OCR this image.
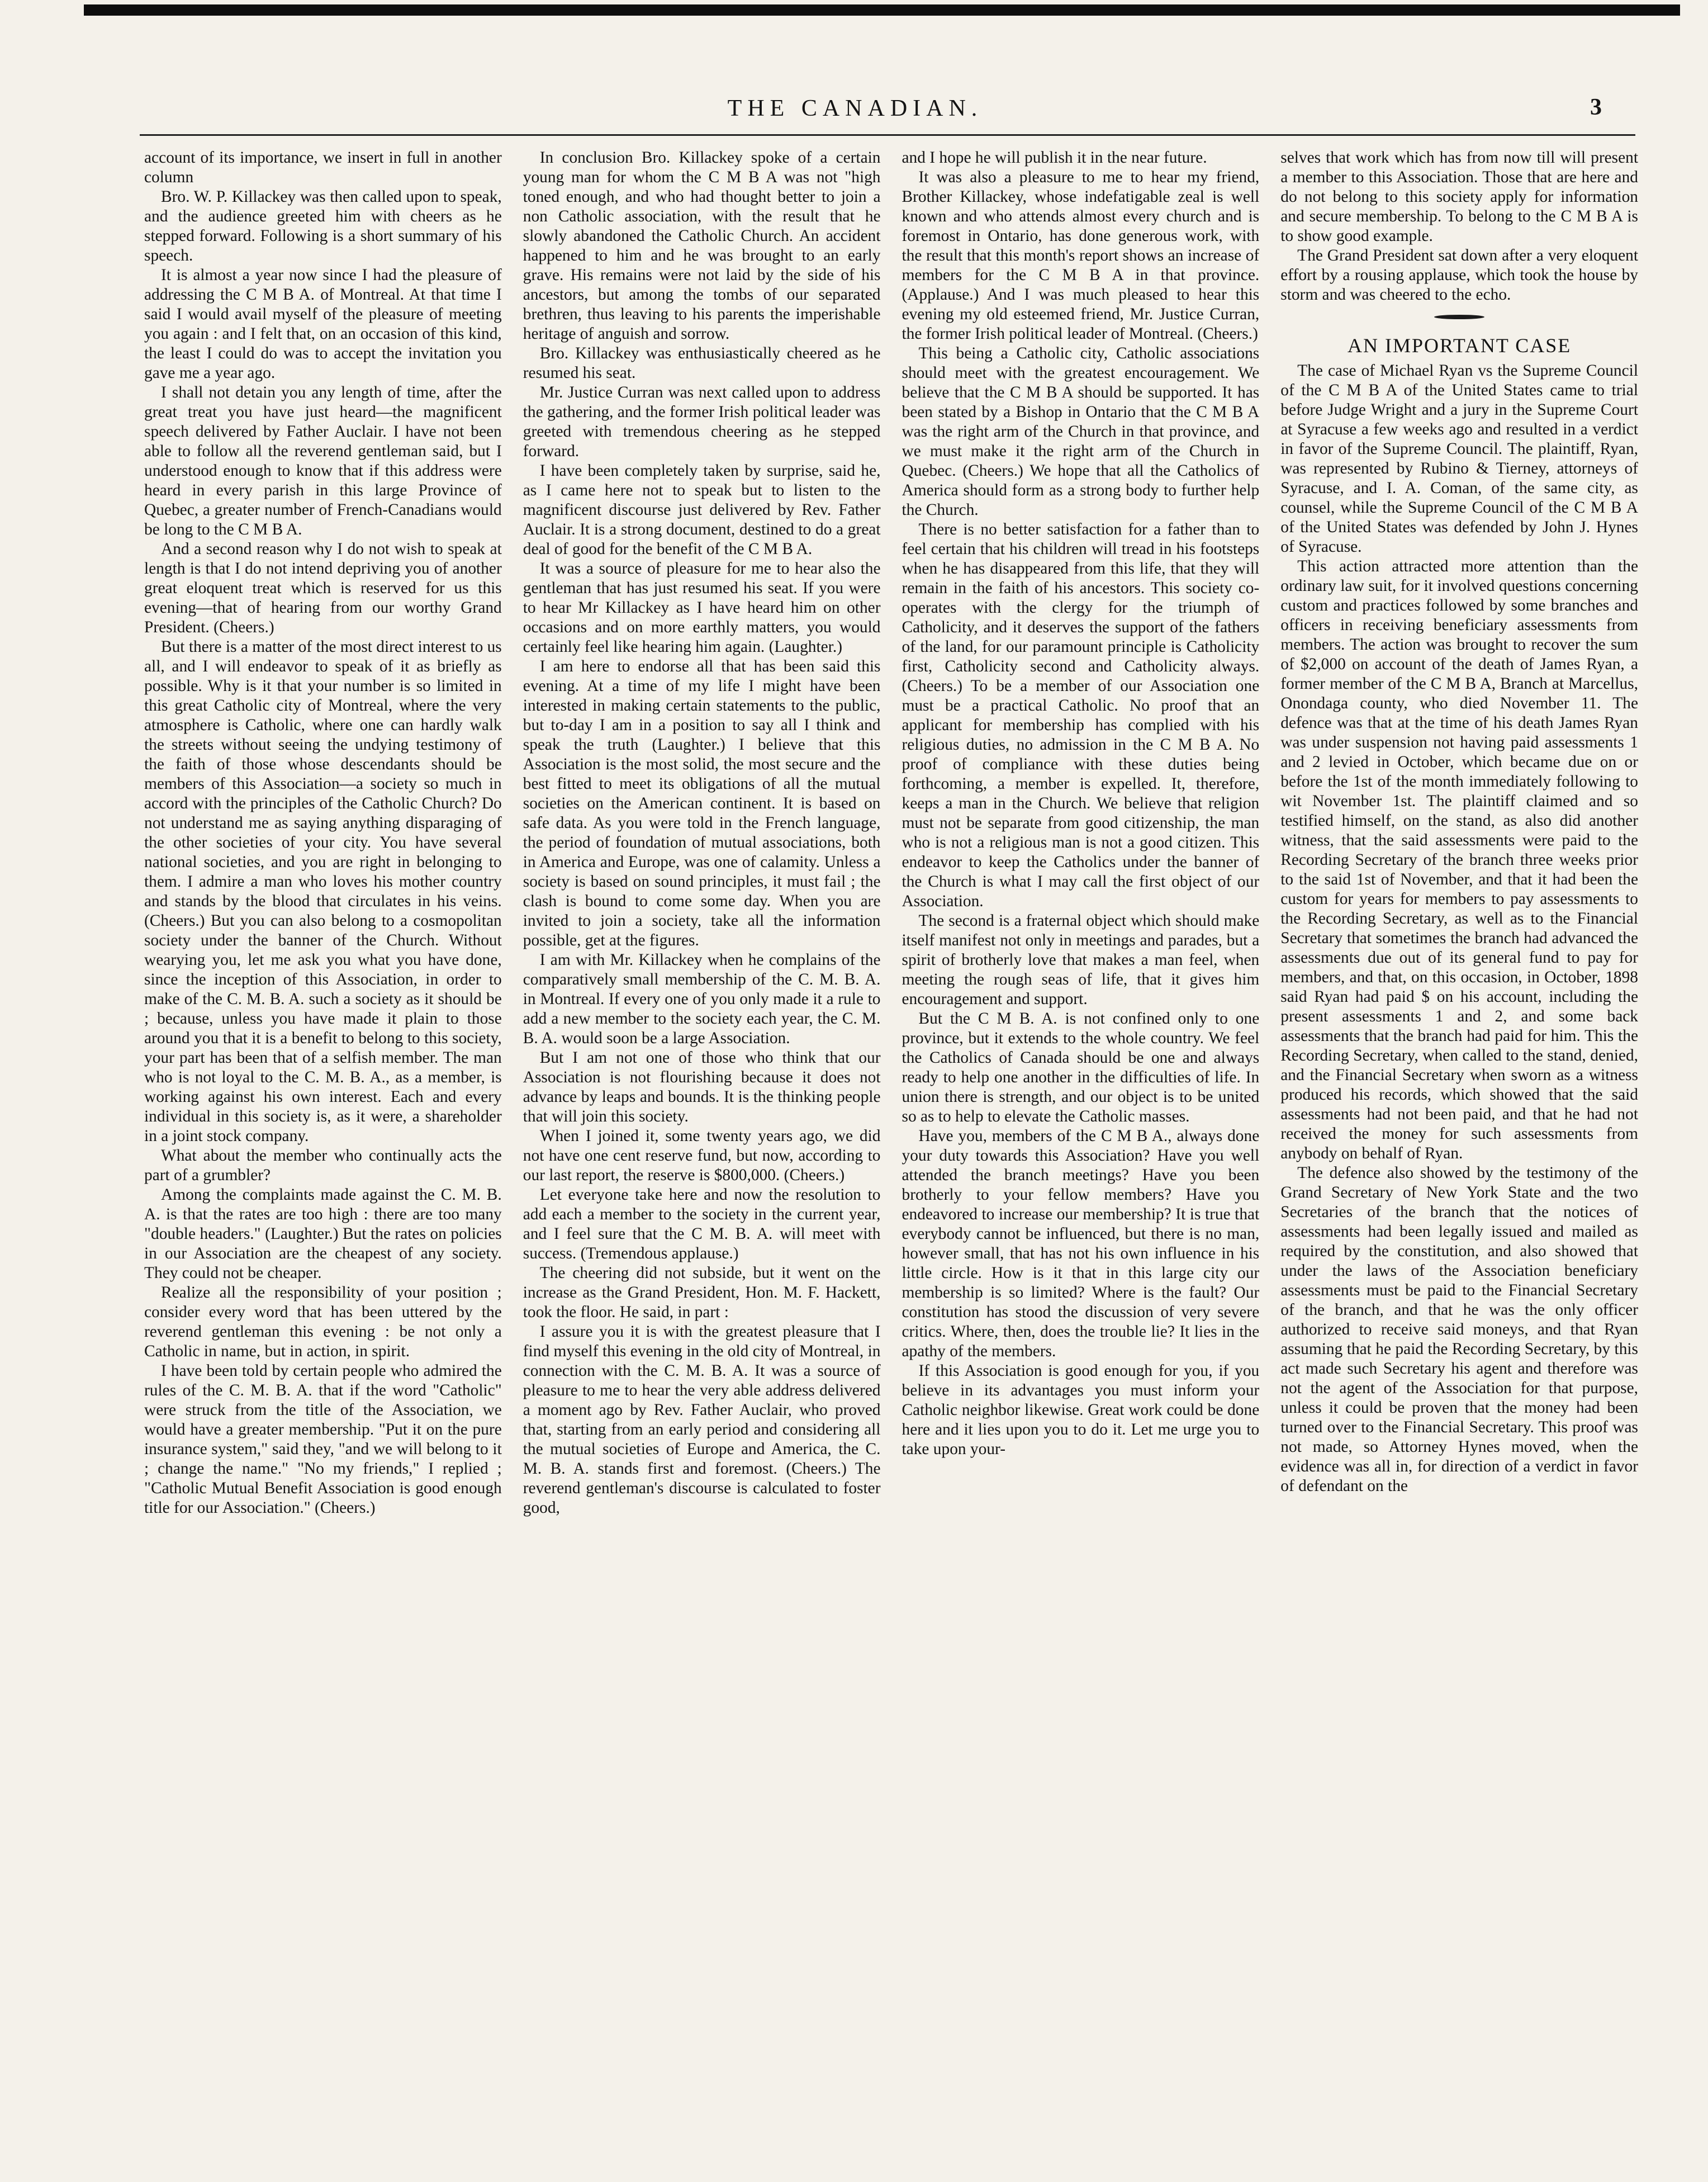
THE CANADIAN.	3

account of its importance, we insert in full in another column

Bro. W. P. Killackey was then called upon to speak, and the audience greeted him with cheers as he stepped forward. Following is a short summary of his speech.

It is almost a year now since I had the pleasure of addressing the C M B A. of Montreal. At that time I said I would avail myself of the pleasure of meeting you again : and I felt that, on an occasion of this kind, the least I could do was to accept the invitation you gave me a year ago.

I shall not detain you any length of time, after the great treat you have just heard—the magnificent speech delivered by Father Auclair. I have not been able to follow all the reverend gentleman said, but I understood enough to know that if this address were heard in every parish in this large Province of Quebec, a greater number of French-Canadians would be long to the C M B A.

And a second reason why I do not wish to speak at length is that I do not intend depriving you of another great eloquent treat which is reserved for us this evening—that of hearing from our worthy Grand President. (Cheers.)

But there is a matter of the most direct interest to us all, and I will endeavor to speak of it as briefly as possible. Why is it that your number is so limited in this great Catholic city of Montreal, where the very atmosphere is Catholic, where one can hardly walk the streets without seeing the undying testimony of the faith of those whose descendants should be members of this Association—a society so much in accord with the principles of the Catholic Church? Do not understand me as saying anything disparaging of the other societies of your city. You have several national societies, and you are right in belonging to them. I admire a man who loves his mother country and stands by the blood that circulates in his veins. (Cheers.) But you can also belong to a cosmopolitan society under the banner of the Church. Without wearying you, let me ask you what you have done, since the inception of this Association, in order to make of the C. M. B. A. such a society as it should be ; because, unless you have made it plain to those around you that it is a benefit to belong to this society, your part has been that of a selfish member. The man who is not loyal to the C. M. B. A., as a member, is working against his own interest. Each and every individual in this society is, as it were, a shareholder in a joint stock company.

What about the member who continually acts the part of a grumbler?

Among the complaints made against the C. M. B. A. is that the rates are too high : there are too many "double headers." (Laughter.) But the rates on policies in our Association are the cheapest of any society. They could not be cheaper.

Realize all the responsibility of your position ; consider every word that has been uttered by the reverend gentleman this evening : be not only a Catholic in name, but in action, in spirit.

I have been told by certain people who admired the rules of the C. M. B. A. that if the word "Catholic" were struck from the title of the Association, we would have a greater membership. "Put it on the pure insurance system," said they, "and we will belong to it ; change the name." "No my friends," I replied ; "Catholic Mutual Benefit Association is good enough title for our Association." (Cheers.)

In conclusion Bro. Killackey spoke of a certain young man for whom the C M B A was not "high toned enough, and who had thought better to join a non Catholic association, with the result that he slowly abandoned the Catholic Church. An accident happened to him and he was brought to an early grave. His remains were not laid by the side of his ancestors, but among the tombs of our separated brethren, thus leaving to his parents the imperishable heritage of anguish and sorrow.

Bro. Killackey was enthusiastically cheered as he resumed his seat.

Mr. Justice Curran was next called upon to address the gathering, and the former Irish political leader was greeted with tremendous cheering as he stepped forward.

I have been completely taken by surprise, said he, as I came here not to speak but to listen to the magnificent discourse just delivered by Rev. Father Auclair. It is a strong document, destined to do a great deal of good for the benefit of the C M B A.

It was a source of pleasure for me to hear also the gentleman that has just resumed his seat. If you were to hear Mr Killackey as I have heard him on other occasions and on more earthly matters, you would certainly feel like hearing him again. (Laughter.)

I am here to endorse all that has been said this evening. At a time of my life I might have been interested in making certain statements to the public, but to-day I am in a position to say all I think and speak the truth (Laughter.) I believe that this Association is the most solid, the most secure and the best fitted to meet its obligations of all the mutual societies on the American continent. It is based on safe data. As you were told in the French language, the period of foundation of mutual associations, both in America and Europe, was one of calamity. Unless a society is based on sound principles, it must fail ; the clash is bound to come some day. When you are invited to join a society, take all the information possible, get at the figures.

I am with Mr. Killackey when he complains of the comparatively small membership of the C. M. B. A. in Montreal. If every one of you only made it a rule to add a new member to the society each year, the C. M. B. A. would soon be a large Association.

But I am not one of those who think that our Association is not flourishing because it does not advance by leaps and bounds. It is the thinking people that will join this society.

When I joined it, some twenty years ago, we did not have one cent reserve fund, but now, according to our last report, the reserve is $800,000. (Cheers.)

Let everyone take here and now the resolution to add each a member to the society in the current year, and I feel sure that the C M. B. A. will meet with success. (Tremendous applause.)

The cheering did not subside, but it went on the increase as the Grand President, Hon. M. F. Hackett, took the floor. He said, in part :

I assure you it is with the greatest pleasure that I find myself this evening in the old city of Montreal, in connection with the C. M. B. A. It was a source of pleasure to me to hear the very able address delivered a moment ago by Rev. Father Auclair, who proved that, starting from an early period and considering all the mutual societies of Europe and America, the C. M. B. A. stands first and foremost. (Cheers.) The reverend gentleman's discourse is calculated to foster good,

and I hope he will publish it in the near future.

It was also a pleasure to me to hear my friend, Brother Killackey, whose indefatigable zeal is well known and who attends almost every church and is foremost in Ontario, has done generous work, with the result that this month's report shows an increase of members for the C M B A in that province. (Applause.) And I was much pleased to hear this evening my old esteemed friend, Mr. Justice Curran, the former Irish political leader of Montreal. (Cheers.)

This being a Catholic city, Catholic associations should meet with the greatest encouragement. We believe that the C M B A should be supported. It has been stated by a Bishop in Ontario that the C M B A was the right arm of the Church in that province, and we must make it the right arm of the Church in Quebec. (Cheers.) We hope that all the Catholics of America should form as a strong body to further help the Church.

There is no better satisfaction for a father than to feel certain that his children will tread in his footsteps when he has disappeared from this life, that they will remain in the faith of his ancestors. This society co-operates with the clergy for the triumph of Catholicity, and it deserves the support of the fathers of the land, for our paramount principle is Catholicity first, Catholicity second and Catholicity always. (Cheers.) To be a member of our Association one must be a practical Catholic. No proof that an applicant for membership has complied with his religious duties, no admission in the C M B A. No proof of compliance with these duties being forthcoming, a member is expelled. It, therefore, keeps a man in the Church. We believe that religion must not be separate from good citizenship, the man who is not a religious man is not a good citizen. This endeavor to keep the Catholics under the banner of the Church is what I may call the first object of our Association.

The second is a fraternal object which should make itself manifest not only in meetings and parades, but a spirit of brotherly love that makes a man feel, when meeting the rough seas of life, that it gives him encouragement and support.

But the C M B. A. is not confined only to one province, but it extends to the whole country. We feel the Catholics of Canada should be one and always ready to help one another in the difficulties of life. In union there is strength, and our object is to be united so as to help to elevate the Catholic masses.

Have you, members of the C M B A., always done your duty towards this Association? Have you well attended the branch meetings? Have you been brotherly to your fellow members? Have you endeavored to increase our membership? It is true that everybody cannot be influenced, but there is no man, however small, that has not his own influence in his little circle. How is it that in this large city our membership is so limited? Where is the fault? Our constitution has stood the discussion of very severe critics. Where, then, does the trouble lie? It lies in the apathy of the members.

If this Association is good enough for you, if you believe in its advantages you must inform your Catholic neighbor likewise. Great work could be done here and it lies upon you to do it. Let me urge you to take upon your-

selves that work which has from now till will present a member to this Association. Those that are here and do not belong to this society apply for information and secure membership. To belong to the C M B A is to show good example.

The Grand President sat down after a very eloquent effort by a rousing applause, which took the house by storm and was cheered to the echo.

AN IMPORTANT CASE

The case of Michael Ryan vs the Supreme Council of the C M B A of the United States came to trial before Judge Wright and a jury in the Supreme Court at Syracuse a few weeks ago and resulted in a verdict in favor of the Supreme Council. The plaintiff, Ryan, was represented by Rubino & Tierney, attorneys of Syracuse, and I. A. Coman, of the same city, as counsel, while the Supreme Council of the C M B A of the United States was defended by John J. Hynes of Syracuse.

This action attracted more attention than the ordinary law suit, for it involved questions concerning custom and practices followed by some branches and officers in receiving beneficiary assessments from members. The action was brought to recover the sum of $2,000 on account of the death of James Ryan, a former member of the C M B A, Branch at Marcellus, Onondaga county, who died November 11. The defence was that at the time of his death James Ryan was under suspension not having paid assessments 1 and 2 levied in October, which became due on or before the 1st of the month immediately following to wit November 1st. The plaintiff claimed and so testified himself, on the stand, as also did another witness, that the said assessments were paid to the Recording Secretary of the branch three weeks prior to the said 1st of November, and that it had been the custom for years for members to pay assessments to the Recording Secretary, as well as to the Financial Secretary that sometimes the branch had advanced the assessments due out of its general fund to pay for members, and that, on this occasion, in October, 1898 said Ryan had paid $ on his account, including the present assessments 1 and 2, and some back assessments that the branch had paid for him. This the Recording Secretary, when called to the stand, denied, and the Financial Secretary when sworn as a witness produced his records, which showed that the said assessments had not been paid, and that he had not received the money for such assessments from anybody on behalf of Ryan.

The defence also showed by the testimony of the Grand Secretary of New York State and the two Secretaries of the branch that the notices of assessments had been legally issued and mailed as required by the constitution, and also showed that under the laws of the Association beneficiary assessments must be paid to the Financial Secretary of the branch, and that he was the only officer authorized to receive said moneys, and that Ryan assuming that he paid the Recording Secretary, by this act made such Secretary his agent and therefore was not the agent of the Association for that purpose, unless it could be proven that the money had been turned over to the Financial Secretary. This proof was not made, so Attorney Hynes moved, when the evidence was all in, for direction of a verdict in favor of defendant on the
